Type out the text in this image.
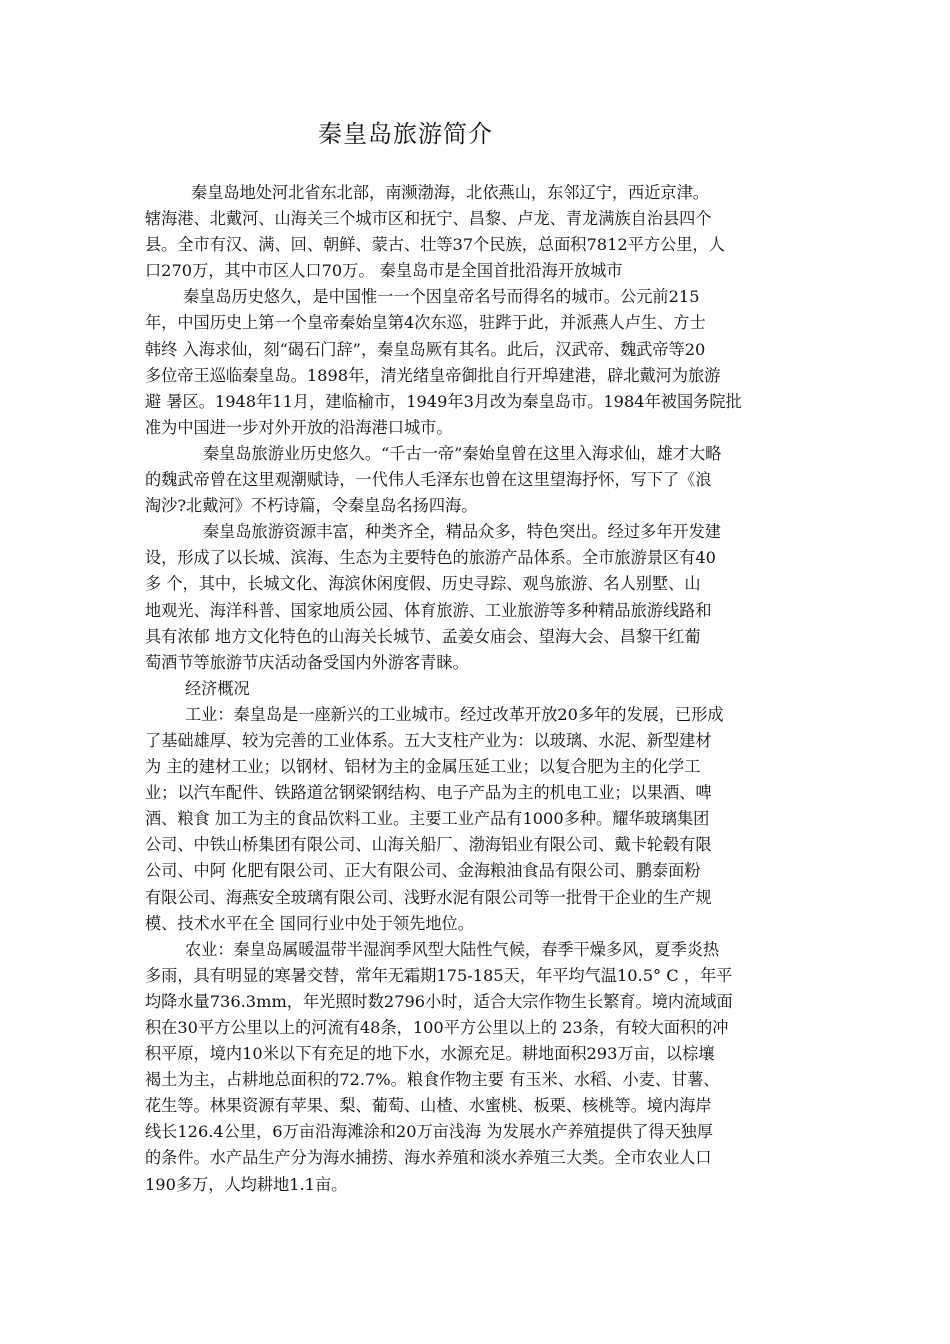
秦皇岛旅游简介
秦皇岛地处河北省东北部，南濒渤海，北依燕山，东邻辽宁，西近京津。
辖海港、北戴河、山海关三个城市区和抚宁、昌黎、卢龙、青龙满族自治县四个
县。全市有汉、满、回、朝鲜、蒙古、壮等37个民族，总面积7812平方公里，人
口270万，其中市区人口70万。 秦皇岛市是全国首批沿海开放城市
秦皇岛历史悠久，是中国惟一一个因皇帝名号而得名的城市。公元前215
年，中国历史上第一个皇帝秦始皇第4次东巡，驻跸于此，并派燕人卢生、方士
韩终 入海求仙，刻“碣石门辞”，秦皇岛厥有其名。此后，汉武帝、魏武帝等20
多位帝王巡临秦皇岛。1898年，清光绪皇帝御批自行开埠建港，辟北戴河为旅游
避 暑区。1948年11月，建临榆市，1949年3月改为秦皇岛市。1984年被国务院批
准为中国进一步对外开放的沿海港口城市。
秦皇岛旅游业历史悠久。“千古一帝”秦始皇曾在这里入海求仙，雄才大略
的魏武帝曾在这里观潮赋诗，一代伟人毛泽东也曾在这里望海抒怀，写下了《浪
淘沙?北戴河》不朽诗篇，令秦皇岛名扬四海。
秦皇岛旅游资源丰富，种类齐全，精品众多，特色突出。经过多年开发建
设，形成了以长城、滨海、生态为主要特色的旅游产品体系。全市旅游景区有40
多 个，其中，长城文化、海滨休闲度假、历史寻踪、观鸟旅游、名人别墅、山
地观光、海洋科普、国家地质公园、体育旅游、工业旅游等多种精品旅游线路和
具有浓郁 地方文化特色的山海关长城节、孟姜女庙会、望海大会、昌黎干红葡
萄酒节等旅游节庆活动备受国内外游客青睐。
经济概况
工业：秦皇岛是一座新兴的工业城市。经过改革开放20多年的发展，已形成
了基础雄厚、较为完善的工业体系。五大支柱产业为：以玻璃、水泥、新型建材
为 主的建材工业；以钢材、铝材为主的金属压延工业；以复合肥为主的化学工
业；以汽车配件、铁路道岔钢梁钢结构、电子产品为主的机电工业；以果酒、啤
酒、粮食 加工为主的食品饮料工业。主要工业产品有1000多种。耀华玻璃集团
公司、中铁山桥集团有限公司、山海关船厂、渤海铝业有限公司、戴卡轮毂有限
公司、中阿 化肥有限公司、正大有限公司、金海粮油食品有限公司、鹏泰面粉
有限公司、海燕安全玻璃有限公司、浅野水泥有限公司等一批骨干企业的生产规
模、技术水平在全 国同行业中处于领先地位。
农业：秦皇岛属暖温带半湿润季风型大陆性气候，春季干燥多风，夏季炎热
多雨，具有明显的寒暑交替，常年无霜期175-185天，年平均气温10.5° C ，年平
均降水量736.3mm，年光照时数2796小时，适合大宗作物生长繁育。境内流域面
积在30平方公里以上的河流有48条，100平方公里以上的 23条，有较大面积的冲
积平原，境内10米以下有充足的地下水，水源充足。耕地面积293万亩，以棕壤
褐土为主，占耕地总面积的72.7%。粮食作物主要 有玉米、水稻、小麦、甘薯、
花生等。林果资源有苹果、梨、葡萄、山楂、水蜜桃、板栗、核桃等。境内海岸
线长126.4公里，6万亩沿海滩涂和20万亩浅海 为发展水产养殖提供了得天独厚
的条件。水产品生产分为海水捕捞、海水养殖和淡水养殖三大类。全市农业人口
190多万，人均耕地1.1亩。
